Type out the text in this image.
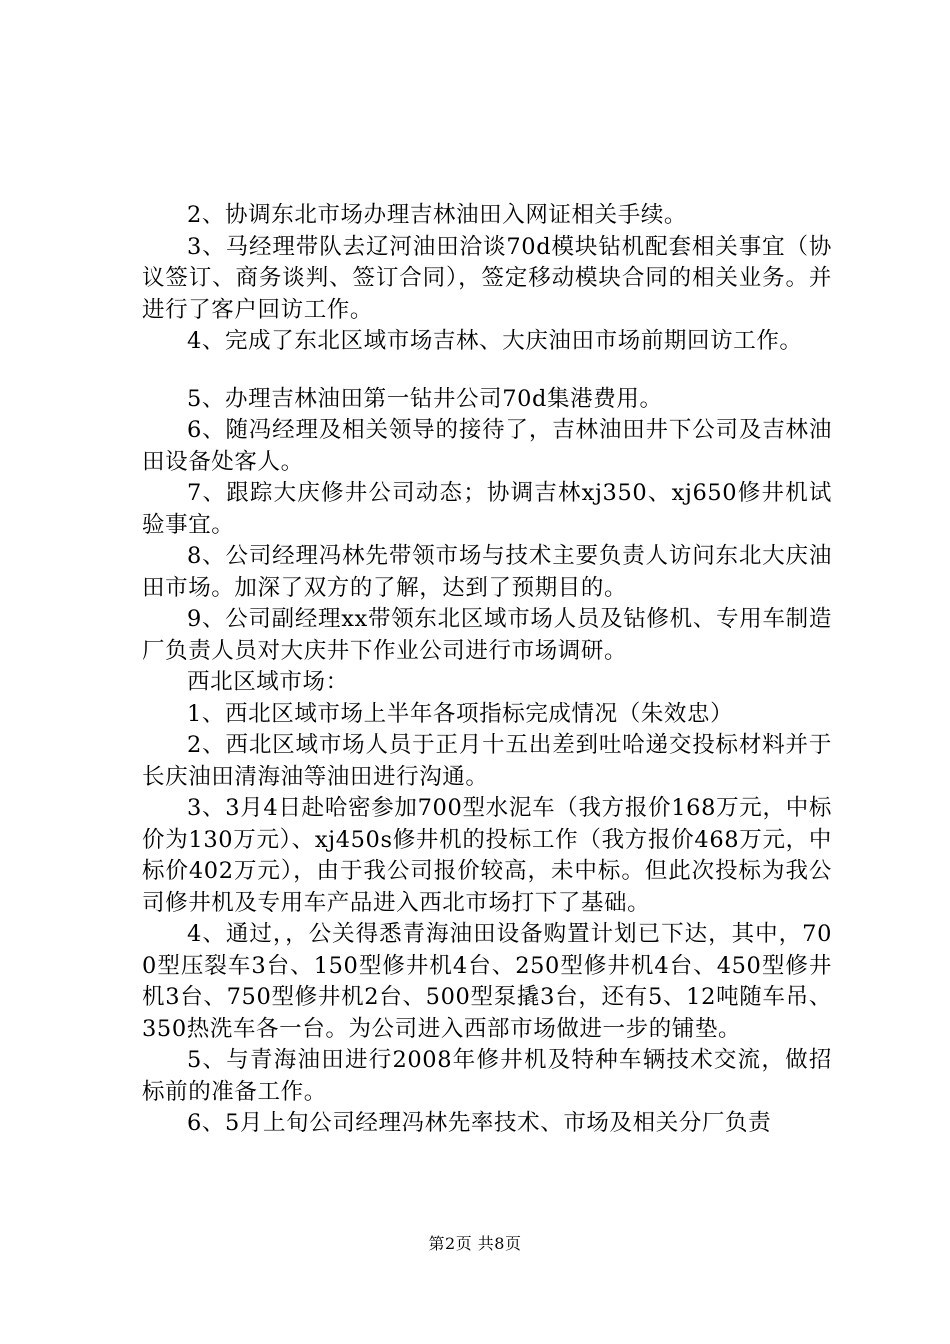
2、协调东北市场办理吉林油田入网证相关手续。

3、马经理带队去辽河油田洽谈70d模块钻机配套相关事宜（协议签订、商务谈判、签订合同），签定移动模块合同的相关业务。并进行了客户回访工作。

4、完成了东北区域市场吉林、大庆油田市场前期回访工作。

5、办理吉林油田第一钻井公司70d集港费用。

6、随冯经理及相关领导的接待了，吉林油田井下公司及吉林油田设备处客人。

7、跟踪大庆修井公司动态；协调吉林xj350、xj650修井机试验事宜。

8、公司经理冯林先带领市场与技术主要负责人访问东北大庆油田市场。加深了双方的了解，达到了预期目的。

9、公司副经理xx带领东北区域市场人员及钻修机、专用车制造厂负责人员对大庆井下作业公司进行市场调研。

西北区域市场：

1、西北区域市场上半年各项指标完成情况（朱效忠）

2、西北区域市场人员于正月十五出差到吐哈递交投标材料并于长庆油田清海油等油田进行沟通。

3、3月4日赴哈密参加700型水泥车（我方报价168万元，中标价为130万元）、xj450s修井机的投标工作（我方报价468万元，中标价402万元），由于我公司报价较高，未中标。但此次投标为我公司修井机及专用车产品进入西北市场打下了基础。

4、通过，，公关得悉青海油田设备购置计划已下达，其中，700型压裂车3台、150型修井机4台、250型修井机4台、450型修井机3台、750型修井机2台、500型泵撬3台，还有5、12吨随车吊、350热洗车各一台。为公司进入西部市场做进一步的铺垫。

5、与青海油田进行2008年修井机及特种车辆技术交流，做招标前的准备工作。

6、5月上旬公司经理冯林先率技术、市场及相关分厂负责

第2页 共8页
